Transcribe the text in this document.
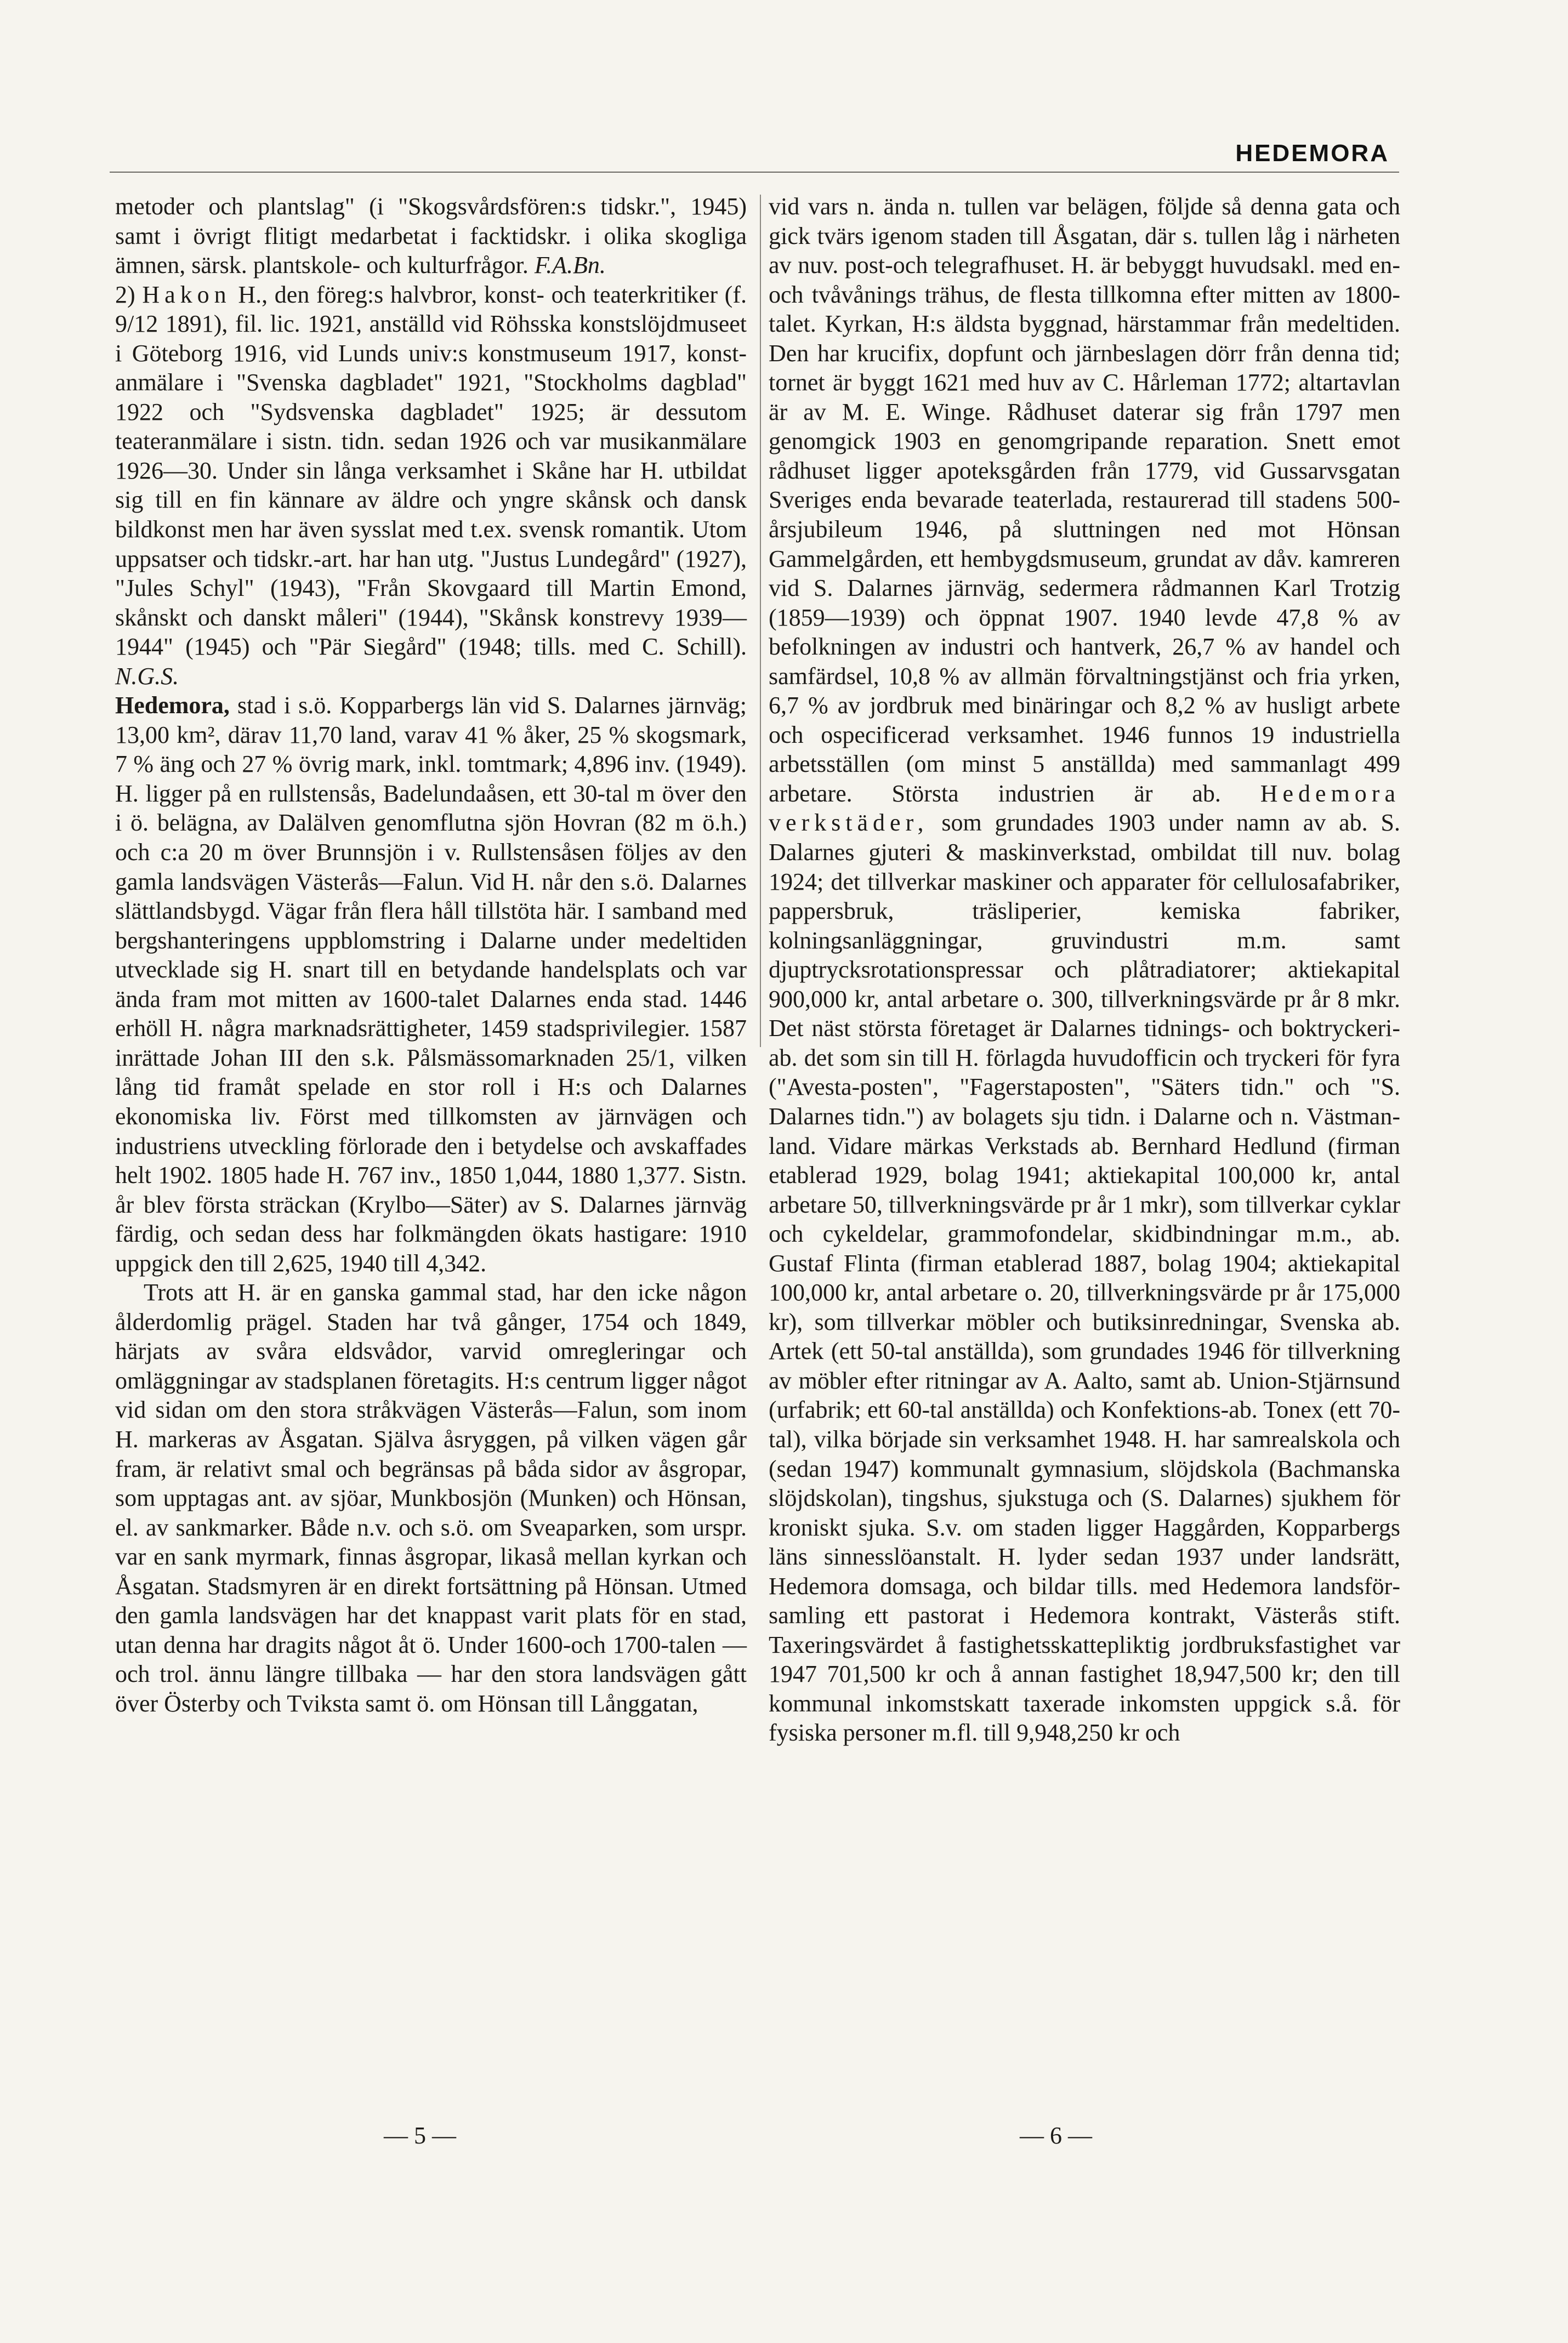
HEDEMORA

metoder och plantslag" (i "Skogsvårdsfören:s tidskr.", 1945) samt i övrigt flitigt medarbetat i facktidskr. i olika skogliga ämnen, särsk. plantskole- och kulturfrågor. F.A.Bn.

2) Hakon H., den föreg:s halvbror, konst- och teaterkritiker (f. 9/12 1891), fil. lic. 1921, anställd vid Röhsska konstslöjdmuseet i Göteborg 1916, vid Lunds univ:s konstmuseum 1917, konstanmälare i "Svenska dagbladet" 1921, "Stockholms dagblad" 1922 och "Sydsvenska dagbladet" 1925; är dessutom teateranmälare i sistn. tidn. sedan 1926 och var musikanmälare 1926—30. Under sin långa verksamhet i Skåne har H. utbildat sig till en fin kännare av äldre och yngre skånsk och dansk bildkonst men har även sysslat med t.ex. svensk romantik. Utom uppsatser och tidskr.-art. har han utg. "Justus Lundegård" (1927), "Jules Schyl" (1943), "Från Skovgaard till Martin Emond, skånskt och danskt måleri" (1944), "Skånsk konstrevy 1939—1944" (1945) och "Pär Siegård" (1948; tills. med C. Schill). N.G.S.

Hedemora, stad i s.ö. Kopparbergs län vid S. Dalarnes järnväg; 13,00 km², därav 11,70 land, varav 41 % åker, 25 % skogsmark, 7 % äng och 27 % övrig mark, inkl. tomtmark; 4,896 inv. (1949). H. ligger på en rullstensås, Badelundaåsen, ett 30-tal m över den i ö. belägna, av Dalälven genomflutna sjön Hovran (82 m ö.h.) och c:a 20 m över Brunnsjön i v. Rullstensåsen följes av den gamla landsvägen Västerås—Falun. Vid H. når den s.ö. Dalarnes slättlandsbygd. Vägar från flera håll tillstöta här. I samband med bergshanteringens uppblomstring i Dalarne under medeltiden utvecklade sig H. snart till en betydande handelsplats och var ända fram mot mitten av 1600-talet Dalarnes enda stad. 1446 erhöll H. några marknadsrättigheter, 1459 stadsprivilegier. 1587 inrättade Johan III den s.k. Pålsmässomarknaden 25/1, vilken lång tid framåt spelade en stor roll i H:s och Dalarnes ekonomiska liv. Först med tillkomsten av järnvägen och industriens utveckling förlorade den i betydelse och avskaffades helt 1902. 1805 hade H. 767 inv., 1850 1,044, 1880 1,377. Sistn. år blev första sträckan (Krylbo—Säter) av S. Dalarnes järnväg färdig, och sedan dess har folkmängden ökats hastigare: 1910 uppgick den till 2,625, 1940 till 4,342.

Trots att H. är en ganska gammal stad, har den icke någon ålderdomlig prägel. Staden har två gånger, 1754 och 1849, härjats av svåra eldsvådor, varvid omregleringar och omläggningar av stadsplanen företagits. H:s centrum ligger något vid sidan om den stora stråkvägen Västerås—Falun, som inom H. markeras av Åsgatan. Själva åsryggen, på vilken vägen går fram, är relativt smal och begränsas på båda sidor av åsgropar, som upptagas ant. av sjöar, Munkbosjön (Munken) och Hönsan, el. av sankmarker. Både n.v. och s.ö. om Sveaparken, som urspr. var en sank myrmark, finnas åsgropar, likaså mellan kyrkan och Åsgatan. Stadsmyren är en direkt fortsättning på Hönsan. Utmed den gamla landsvägen har det knappast varit plats för en stad, utan denna har dragits något åt ö. Under 1600-och 1700-talen — och trol. ännu längre tillbaka — har den stora landsvägen gått över Österby och Tviksta samt ö. om Hönsan till Långgatan,

vid vars n. ända n. tullen var belägen, följde så denna gata och gick tvärs igenom staden till Åsgatan, där s. tullen låg i närheten av nuv. post-och telegrafhuset. H. är bebyggt huvudsakl. med en- och tvåvånings trähus, de flesta tillkomna efter mitten av 1800-talet. Kyrkan, H:s äldsta byggnad, härstammar från medeltiden. Den har krucifix, dopfunt och järnbeslagen dörr från denna tid; tornet är byggt 1621 med huv av C. Hårleman 1772; altartavlan är av M. E. Winge. Rådhuset daterar sig från 1797 men genomgick 1903 en genomgripande reparation. Snett emot rådhuset ligger apoteksgården från 1779, vid Gussarvsgatan Sveriges enda bevarade teaterlada, restaurerad till stadens 500-årsjubileum 1946, på sluttningen ned mot Hönsan Gammelgården, ett hembygdsmuseum, grundat av dåv. kamreren vid S. Dalarnes järnväg, sedermera rådmannen Karl Trotzig (1859—1939) och öppnat 1907. 1940 levde 47,8 % av befolkningen av industri och hantverk, 26,7 % av handel och samfärdsel, 10,8 % av allmän förvaltningstjänst och fria yrken, 6,7 % av jordbruk med binäringar och 8,2 % av husligt arbete och ospecificerad verksamhet. 1946 funnos 19 industriella arbetsställen (om minst 5 anställda) med sammanlagt 499 arbetare. Största industrien är ab. Hedemora verkstäder, som grundades 1903 under namn av ab. S. Dalarnes gjuteri & maskinverkstad, ombildat till nuv. bolag 1924; det tillverkar maskiner och apparater för cellulosafabriker, pappersbruk, träsliperier, kemiska fabriker, kolningsanläggningar, gruvindustri m.m. samt djuptrycksrotationspressar och plåtradiatorer; aktiekapital 900,000 kr, antal arbetare o. 300, tillverkningsvärde pr år 8 mkr. Det näst största företaget är Dalarnes tidnings- och boktryckeri-ab. det som sin till H. förlagda huvudofficin och tryckeri för fyra ("Avesta-posten", "Fagerstaposten", "Säters tidn." och "S. Dalarnes tidn.") av bolagets sju tidn. i Dalarne och n. Västmanland. Vidare märkas Verkstads ab. Bernhard Hedlund (firman etablerad 1929, bolag 1941; aktiekapital 100,000 kr, antal arbetare 50, tillverkningsvärde pr år 1 mkr), som tillverkar cyklar och cykeldelar, grammofondelar, skidbindningar m.m., ab. Gustaf Flinta (firman etablerad 1887, bolag 1904; aktiekapital 100,000 kr, antal arbetare o. 20, tillverkningsvärde pr år 175,000 kr), som tillverkar möbler och butiksinredningar, Svenska ab. Artek (ett 50-tal anställda), som grundades 1946 för tillverkning av möbler efter ritningar av A. Aalto, samt ab. Union-Stjärnsund (urfabrik; ett 60-tal anställda) och Konfektions-ab. Tonex (ett 70-tal), vilka började sin verksamhet 1948. H. har samrealskola och (sedan 1947) kommunalt gymnasium, slöjdskola (Bachmanska slöjdskolan), tingshus, sjukstuga och (S. Dalarnes) sjukhem för kroniskt sjuka. S.v. om staden ligger Haggården, Kopparbergs läns sinnesslöanstalt. H. lyder sedan 1937 under landsrätt, Hedemora domsaga, och bildar tills. med Hedemora landsförsamling ett pastorat i Hedemora kontrakt, Västerås stift. Taxeringsvärdet å fastighetsskattepliktig jordbruksfastighet var 1947 701,500 kr och å annan fastighet 18,947,500 kr; den till kommunal inkomstskatt taxerade inkomsten uppgick s.å. för fysiska personer m.fl. till 9,948,250 kr och

— 5 —	— 6 —
